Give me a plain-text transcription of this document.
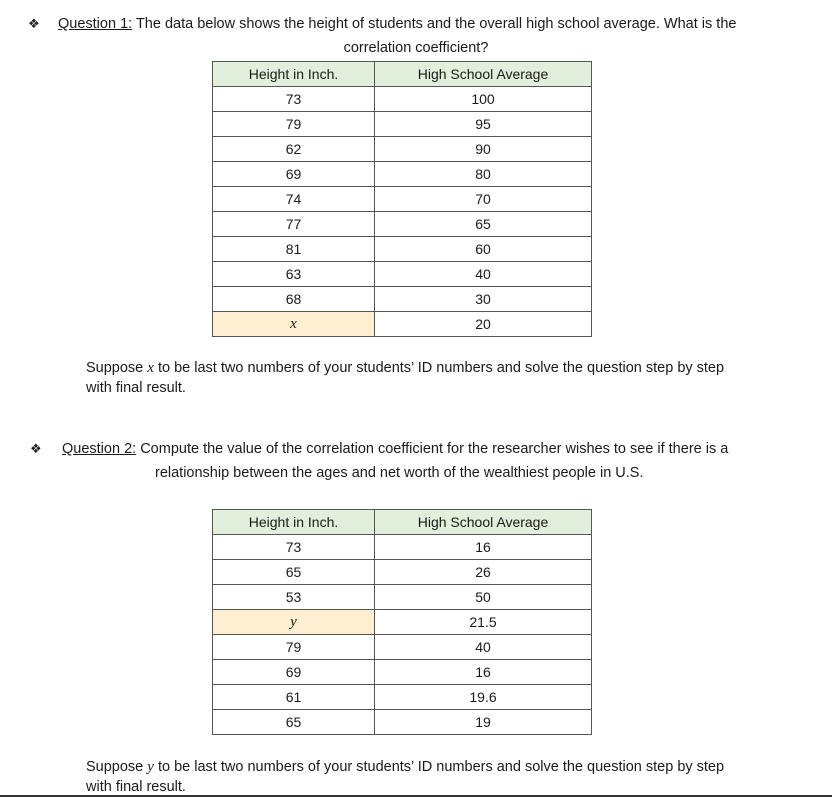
❖ Question 1: The data below shows the height of students and the overall high school average. What is the
correlation coefficient?
Height in Inch.	High School Average
73	100
79	95
62	90
69	80
74	70
77	65
81	60
63	40
68	30
x	20
Suppose x to be last two numbers of your students’ ID numbers and solve the question step by step
with final result.
❖ Question 2: Compute the value of the correlation coefficient for the researcher wishes to see if there is a
relationship between the ages and net worth of the wealthiest people in U.S.
Height in Inch.	High School Average
73	16
65	26
53	50
y	21.5
79	40
69	16
61	19.6
65	19
Suppose y to be last two numbers of your students’ ID numbers and solve the question step by step
with final result.
